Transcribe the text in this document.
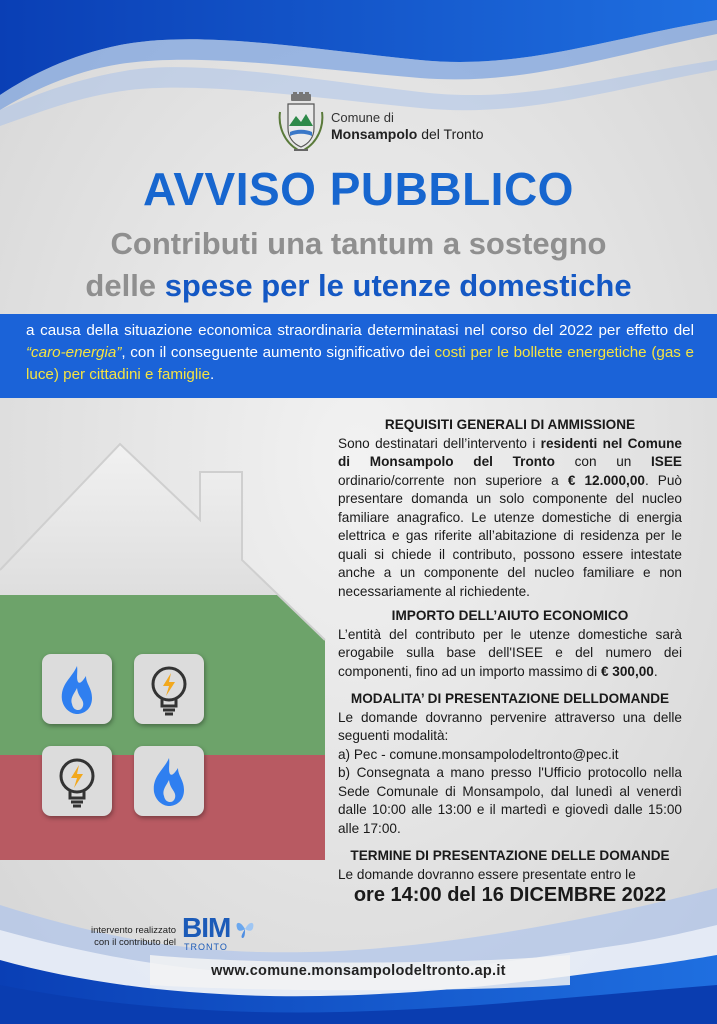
Comune di
Monsampolo del Tronto
AVVISO PUBBLICO
Contributi una tantum a sostegno
delle spese per le utenze domestiche
a causa della situazione economica straordinaria determinatasi nel corso del 2022 per effetto del “caro-energia”, con il conseguente aumento significativo dei costi per le bollette energetiche (gas e luce) per cittadini e famiglie.
REQUISITI GENERALI DI AMMISSIONE
Sono destinatari dell’intervento i residenti nel Comune di Monsampolo del Tronto con un ISEE ordinario/corrente non superiore a € 12.000,00. Può presentare domanda un solo componente del nucleo familiare anagrafico. Le utenze domestiche di energia elettrica e gas riferite all’abitazione di residenza per le quali si chiede il contributo, possono essere intestate anche a un componente del nucleo familiare e non necessariamente al richiedente.
IMPORTO DELL’AIUTO ECONOMICO
L’entità del contributo per le utenze domestiche sarà erogabile sulla base dell'ISEE e del numero dei componenti, fino ad un importo massimo di € 300,00.
MODALITA’ DI PRESENTAZIONE DELLDOMANDE
Le domande dovranno pervenire attraverso una delle seguenti modalità:
a) Pec - comune.monsampolodeltronto@pec.it
b) Consegnata a mano presso l'Ufficio protocollo nella Sede Comunale di Monsampolo, dal lunedì al venerdì dalle 10:00 alle 13:00 e il martedì e giovedì dalle 15:00 alle 17:00.
TERMINE DI PRESENTAZIONE DELLE DOMANDE
Le domande dovranno essere presentate entro le
ore 14:00 del 16 DICEMBRE 2022
intervento realizzato
con il contributo del BIM
TRONTO
www.comune.monsampolodeltronto.ap.it
